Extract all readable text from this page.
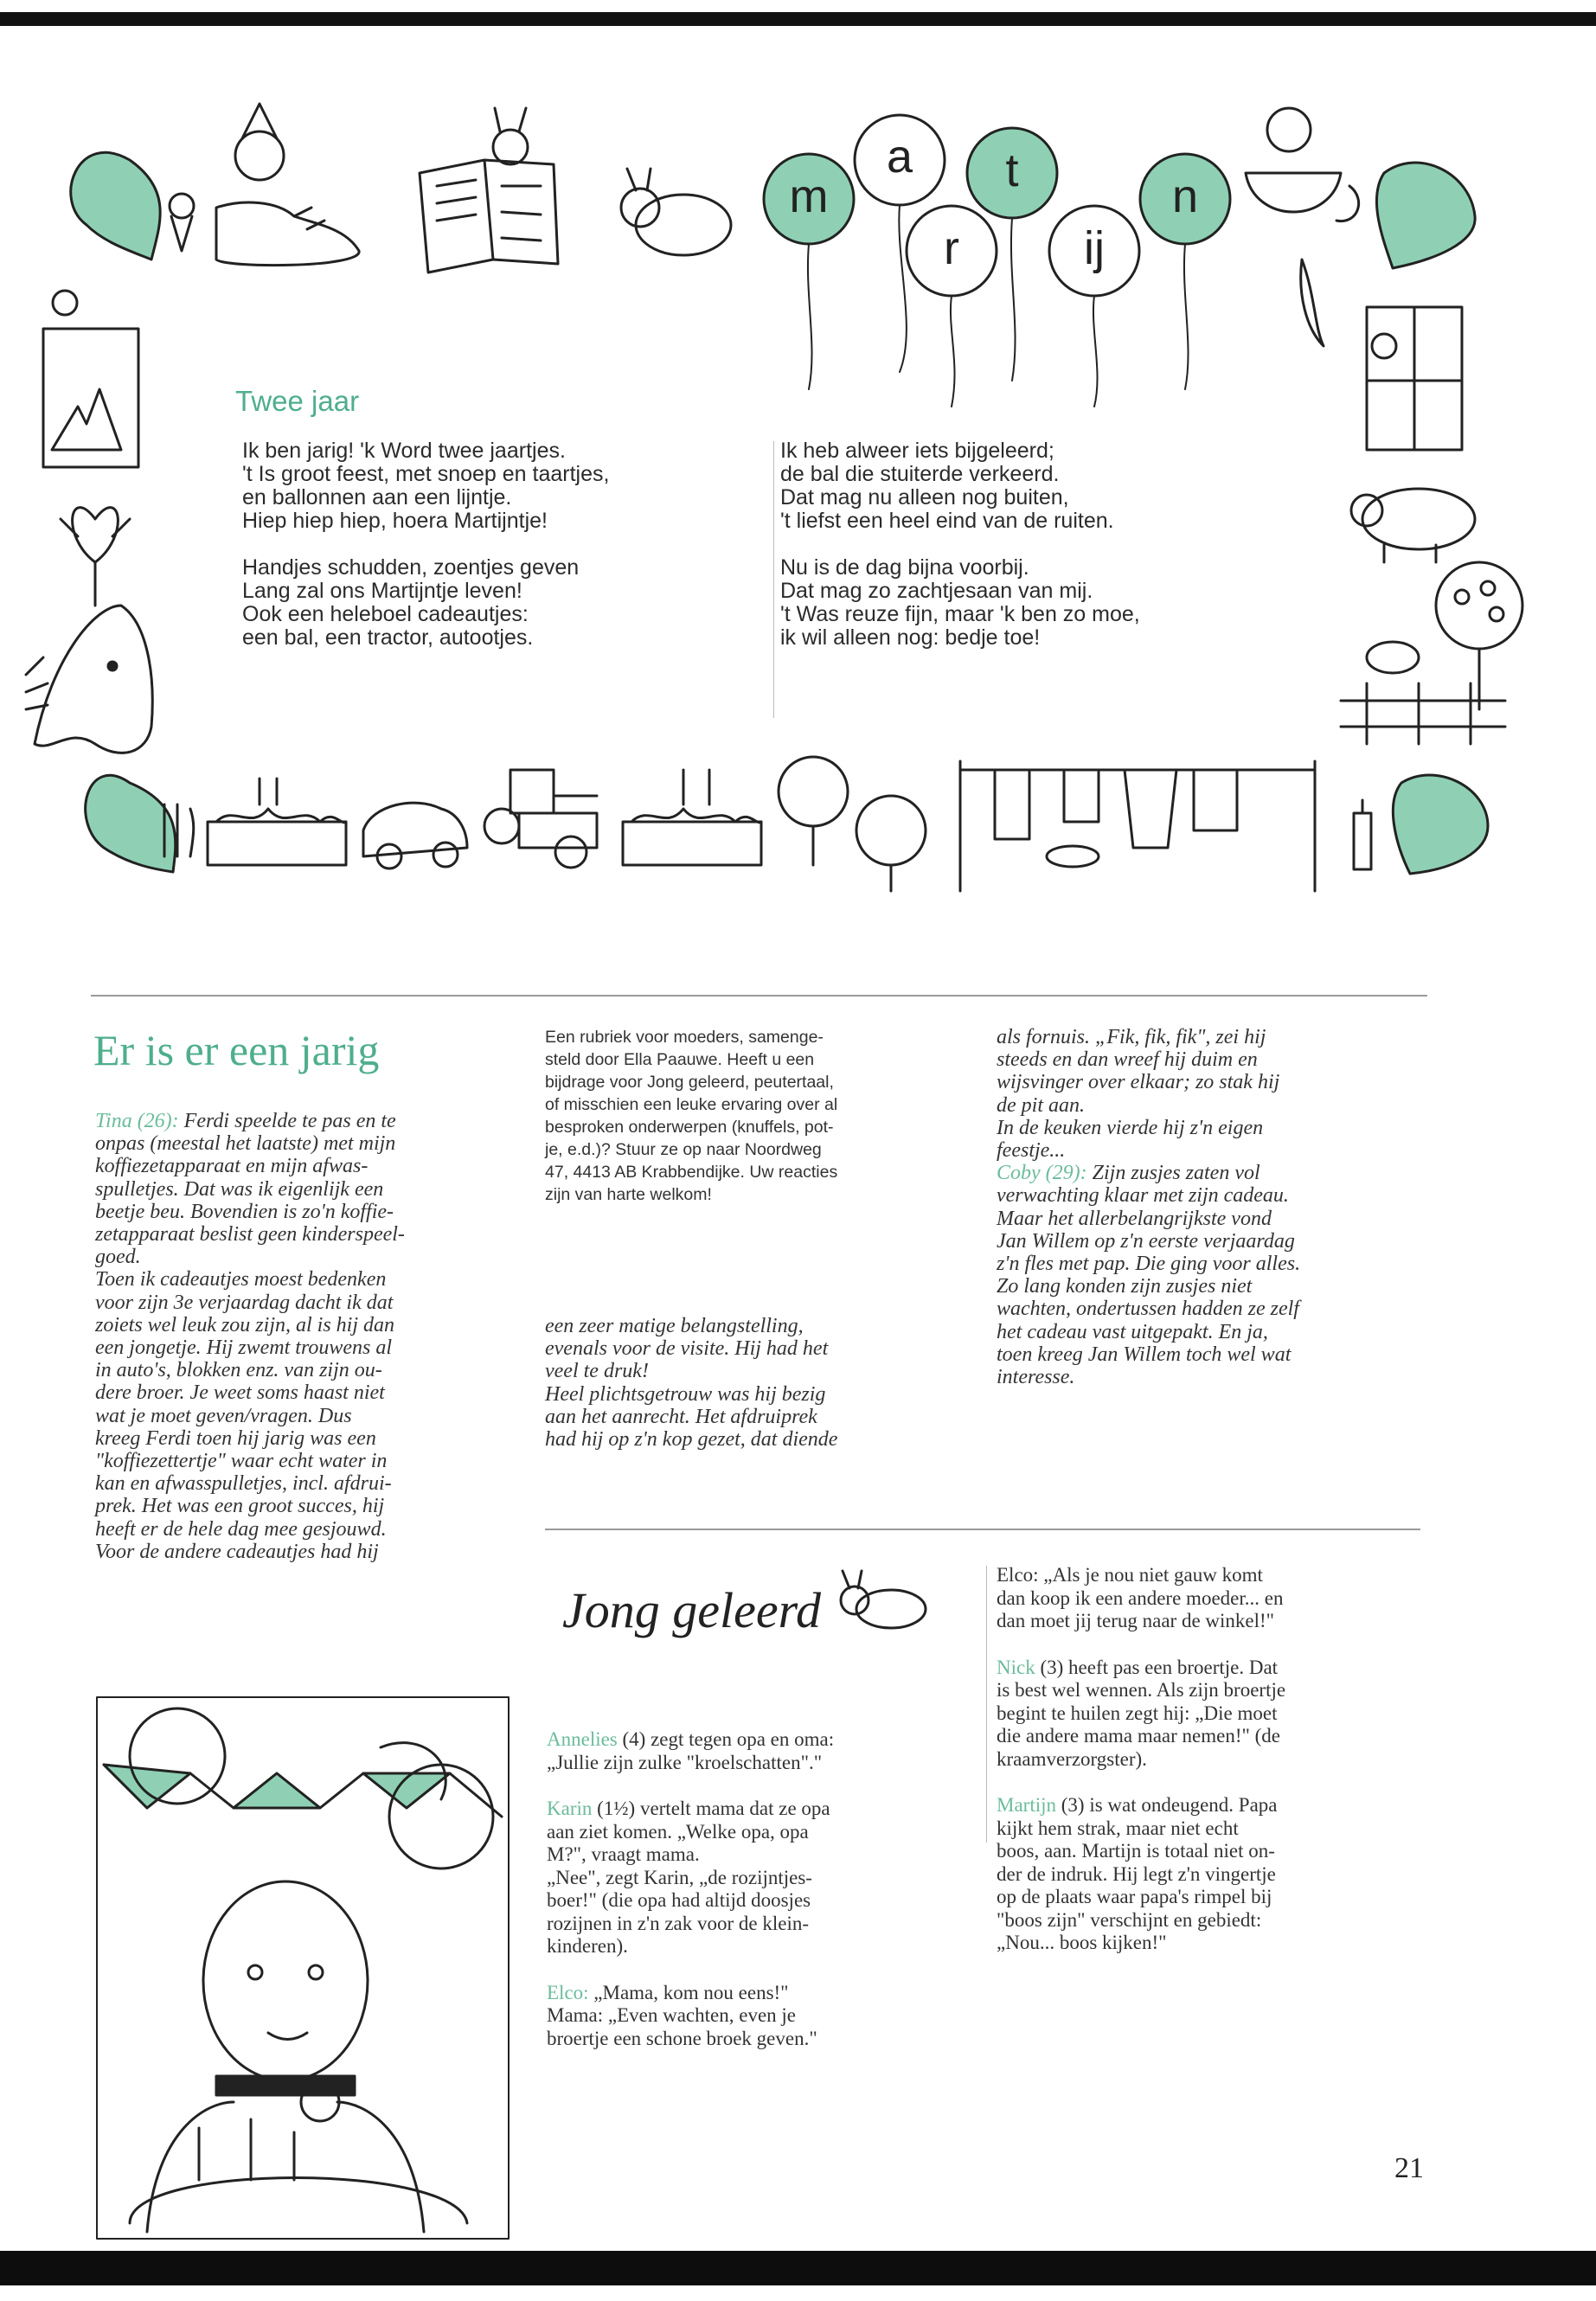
m
a
r
t
ij
n
Twee jaar

Ik ben jarig! 'k Word twee jaartjes.
't Is groot feest, met snoep en taartjes,
en ballonnen aan een lijntje.
Hiep hiep hiep, hoera Martijntje!

Handjes schudden, zoentjes geven
Lang zal ons Martijntje leven!
Ook een heleboel cadeautjes:
een bal, een tractor, autootjes.

Ik heb alweer iets bijgeleerd;
de bal die stuiterde verkeerd.
Dat mag nu alleen nog buiten,
't liefst een heel eind van de ruiten.

Nu is de dag bijna voorbij.
Dat mag zo zachtjesaan van mij.
't Was reuze fijn, maar 'k ben zo moe,
ik wil alleen nog: bedje toe!

Er is er een jarig

Tina (26): Ferdi speelde te pas en te

onpas (meestal het laatste) met mijn

koffiezetapparaat en mijn afwas-

spulletjes. Dat was ik eigenlijk een

beetje beu. Bovendien is zo'n koffie-

zetapparaat beslist geen kinderspeel-

goed.

Toen ik cadeautjes moest bedenken

voor zijn 3e verjaardag dacht ik dat

zoiets wel leuk zou zijn, al is hij dan

een jongetje. Hij zwemt trouwens al

in auto's, blokken enz. van zijn ou-

dere broer. Je weet soms haast niet

wat je moet geven/vragen. Dus

kreeg Ferdi toen hij jarig was een

"koffiezettertje" waar echt water in

kan en afwasspulletjes, incl. afdrui-

prek. Het was een groot succes, hij

heeft er de hele dag mee gesjouwd.

Voor de andere cadeautjes had hij

Een rubriek voor moeders, samenge-
steld door Ella Paauwe. Heeft u een
bijdrage voor Jong geleerd, peutertaal,
of misschien een leuke ervaring over al
besproken onderwerpen (knuffels, pot-
je, e.d.)? Stuur ze op naar Noordweg
47, 4413 AB Krabbendijke. Uw reacties
zijn van harte welkom!

een zeer matige belangstelling,

evenals voor de visite. Hij had het

veel te druk!

Heel plichtsgetrouw was hij bezig

aan het aanrecht. Het afdruiprek

had hij op z'n kop gezet, dat diende

als fornuis. „Fik, fik, fik", zei hij

steeds en dan wreef hij duim en

wijsvinger over elkaar; zo stak hij

de pit aan.

In de keuken vierde hij z'n eigen

feestje...

Coby (29): Zijn zusjes zaten vol

verwachting klaar met zijn cadeau.

Maar het allerbelangrijkste vond

Jan Willem op z'n eerste verjaardag

z'n fles met pap. Die ging voor alles.

Zo lang konden zijn zusjes niet

wachten, ondertussen hadden ze zelf

het cadeau vast uitgepakt. En ja,

toen kreeg Jan Willem toch wel wat

interesse.

Jong geleerd

Annelies (4) zegt tegen opa en oma:
„Jullie zijn zulke "kroelschatten"."

Karin (1½) vertelt mama dat ze opa
aan ziet komen. „Welke opa, opa
M?", vraagt mama.
„Nee", zegt Karin, „de rozijntjes-
boer!" (die opa had altijd doosjes
rozijnen in z'n zak voor de klein-
kinderen).

Elco: „Mama, kom nou eens!"
Mama: „Even wachten, even je
broertje een schone broek geven."

Elco: „Als je nou niet gauw komt
dan koop ik een andere moeder... en
dan moet jij terug naar de winkel!"

Nick (3) heeft pas een broertje. Dat
is best wel wennen. Als zijn broertje
begint te huilen zegt hij: „Die moet
die andere mama maar nemen!" (de
kraamverzorgster).

Martijn (3) is wat ondeugend. Papa
kijkt hem strak, maar niet echt
boos, aan. Martijn is totaal niet on-
der de indruk. Hij legt z'n vingertje
op de plaats waar papa's rimpel bij
"boos zijn" verschijnt en gebiedt:
„Nou... boos kijken!"

21
